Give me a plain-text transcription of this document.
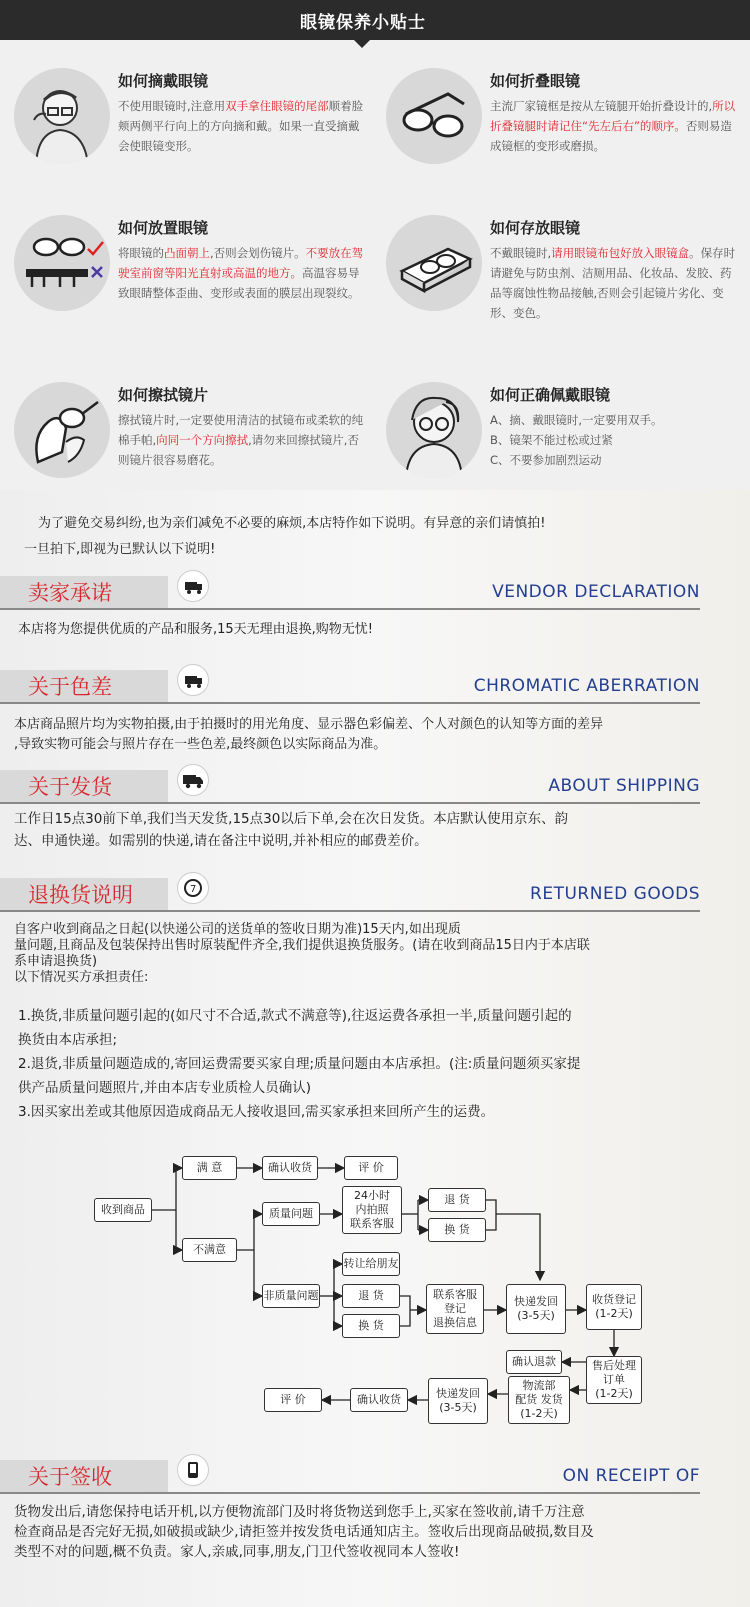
眼镜保养小贴士
如何摘戴眼镜
不使用眼镜时,注意用双手拿住眼镜的尾部顺着脸颊两侧平行向上的方向摘和戴。如果一直受摘戴会使眼镜变形。
如何折叠眼镜
主流厂家镜框是按从左镜腿开始折叠设计的,所以折叠镜腿时请记住“先左后右”的顺序。否则易造成镜框的变形或磨损。
如何放置眼镜
将眼镜的凸面朝上,否则会划伤镜片。不要放在驾驶室前窗等阳光直射或高温的地方。高温容易导致眼睛整体歪曲、变形或表面的膜层出现裂纹。
如何存放眼镜
不戴眼镜时,请用眼镜布包好放入眼镜盒。保存时请避免与防虫剂、洁厕用品、化妆品、发胶、药品等腐蚀性物品接触,否则会引起镜片劣化、变形、变色。
如何擦拭镜片
擦拭镜片时,一定要使用清洁的拭镜布或柔软的纯棉手帕,向同一个方向擦拭,请勿来回擦拭镜片,否则镜片很容易磨花。
如何正确佩戴眼镜
A、摘、戴眼镜时,一定要用双手。
B、镜架不能过松或过紧
C、不要参加剧烈运动
为了避免交易纠纷,也为亲们减免不必要的麻烦,本店特作如下说明。有异意的亲们请慎拍!
一旦拍下,即视为已默认以下说明!
卖家承诺	VENDOR DECLARATION
本店将为您提供优质的产品和服务,15天无理由退换,购物无忧!
关于色差	CHROMATIC ABERRATION
本店商品照片均为实物拍摄,由于拍摄时的用光角度、显示器色彩偏差、个人对颜色的认知等方面的差异
,导致实物可能会与照片存在一些色差,最终颜色以实际商品为准。
关于发货	ABOUT SHIPPING
工作日15点30前下单,我们当天发货,15点30以后下单,会在次日发货。本店默认使用京东、韵
达、申通快递。如需别的快递,请在备注中说明,并补相应的邮费差价。
退换货说明	7	RETURNED GOODS
自客户收到商品之日起(以快递公司的送货单的签收日期为准)15天内,如出现质
量问题,且商品及包装保持出售时原装配件齐全,我们提供退换货服务。(请在收到商品15日内于本店联
系申请退换货)
以下情况买方承担责任:
1.换货,非质量问题引起的(如尺寸不合适,款式不满意等),往返运费各承担一半,质量问题引起的
换货由本店承担;
2.退货,非质量问题造成的,寄回运费需要买家自理;质量问题由本店承担。(注:质量问题须买家提
供产品质量问题照片,并由本店专业质检人员确认)
3.因买家出差或其他原因造成商品无人接收退回,需买家承担来回所产生的运费。
收到商品
满 意	确认收货	评 价
不满意
质量问题
24小时
内拍照
联系客服
退 货
换 货
非质量问题
转让给朋友
退 货
换 货
联系客服
登记
退换信息
快递发回
(3-5天)
收货登记
(1-2天)
确认退款	售后处理
订单
(1-2天)
物流部
配货 发货
(1-2天)
快递发回
(3-5天)
确认收货
评 价
关于签收	ON RECEIPT OF
货物发出后,请您保持电话开机,以方便物流部门及时将货物送到您手上,买家在签收前,请千万注意
检查商品是否完好无损,如破损或缺少,请拒签并按发货电话通知店主。签收后出现商品破损,数目及
类型不对的问题,概不负责。家人,亲戚,同事,朋友,门卫代签收视同本人签收!
